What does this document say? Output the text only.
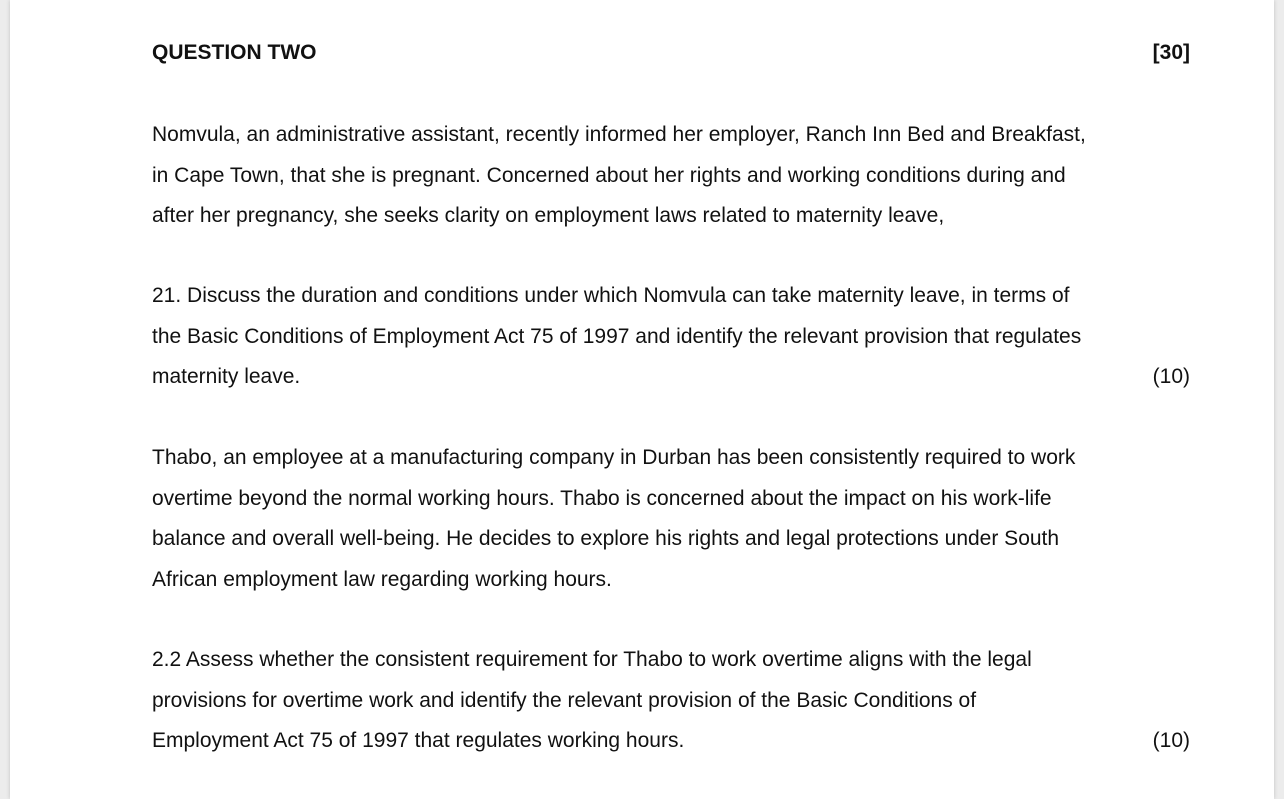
QUESTION TWO	[30]
Nomvula, an administrative assistant, recently informed her employer, Ranch Inn Bed and Breakfast,
in Cape Town, that she is pregnant. Concerned about her rights and working conditions during and
after her pregnancy, she seeks clarity on employment laws related to maternity leave,
21. Discuss the duration and conditions under which Nomvula can take maternity leave, in terms of
the Basic Conditions of Employment Act 75 of 1997 and identify the relevant provision that regulates
maternity leave.	(10)
Thabo, an employee at a manufacturing company in Durban has been consistently required to work
overtime beyond the normal working hours. Thabo is concerned about the impact on his work-life
balance and overall well-being. He decides to explore his rights and legal protections under South
African employment law regarding working hours.
2.2 Assess whether the consistent requirement for Thabo to work overtime aligns with the legal
provisions for overtime work and identify the relevant provision of the Basic Conditions of
Employment Act 75 of 1997 that regulates working hours.	(10)
